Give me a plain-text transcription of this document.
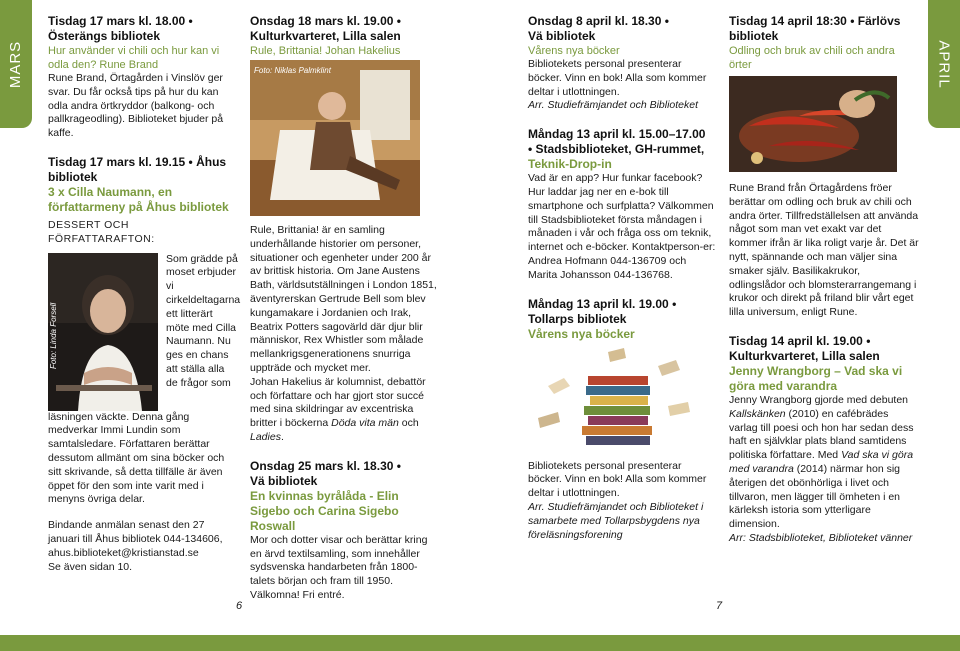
MARS	APRIL
Tisdag 17 mars kl. 18.00 •
Österängs bibliotek
Hur använder vi chili och hur kan vi odla den? Rune Brand
Rune Brand, Örtagården i Vinslöv ger svar. Du får också tips på hur du kan odla andra örtkryddor (balkong- och pallkrageodling). Biblioteket bjuder på kaffe.
Tisdag 17 mars kl. 19.15 • Åhus bibliotek
3 x Cilla Naumann, en författarmeny på Åhus bibliotek
DESSERT OCH FÖRFATTARAFTON:
Foto: Linda Forsell
Som grädde på moset erbjuder vi cirkeldeltagarna ett litterärt möte med Cilla Naumann. Nu ges en chans att ställa alla de frågor som
läsningen väckte. Denna gång medverkar Immi Lundin som samtalsledare. Författaren berättar dessutom allmänt om sina böcker och sitt skrivande, så detta tillfälle är även öppet för den som inte varit med i menyns övriga delar.
Bindande anmälan senast den 27 januari till Åhus bibliotek 044-134606, ahus.biblioteket@kristianstad.se
Se även sidan 10.
Onsdag 18 mars kl. 19.00 •
Kulturkvarteret, Lilla salen
Rule, Brittania! Johan Hakelius
Foto: Niklas Palmklint
Rule, Brittania! är en samling underhållande historier om personer, situationer och egenheter under 200 år av brittisk historia. Om Jane Austens Bath, världsutställningen i London 1851, äventyrerskan Gertrude Bell som blev kungamakare i Jordanien och Irak, Beatrix Potters sagovärld där djur blir människor, Rex Whistler som målade mellankrigsgenerationens snurriga uppträde och mycket mer.
Johan Hakelius är kolumnist, debattör och författare och har gjort stor succé med sina skildringar av excentriska britter i böckerna Döda vita män och Ladies.
Onsdag 25 mars kl. 18.30 •
Vä bibliotek
En kvinnas byrålåda - Elin Sigebo och Carina Sigebo Roswall
Mor och dotter visar och berättar kring en ärvd textilsamling, som innehåller sydsvenska handarbeten från 1800-talets början och fram till 1950. Välkomna! Fri entré.
6
Onsdag 8 april kl. 18.30 •
Vä bibliotek
Vårens nya böcker
Bibliotekets personal presenterar böcker. Vinn en bok! Alla som kommer deltar i utlottningen.
Arr. Studiefrämjandet och Biblioteket
Måndag 13 april kl. 15.00–17.00
• Stadsbiblioteket, GH-rummet,
Teknik-Drop-in
Vad är en app? Hur funkar facebook? Hur laddar jag ner en e-bok till smartphone och surfplatta? Välkommen till Stadsbiblioteket första måndagen i månaden i vår och fråga oss om teknik, internet och e-böcker. Kontaktperson-er: Andrea Hofmann 044-136709 och Marita Johansson 044-136768.
Måndag 13 april kl. 19.00 •
Tollarps bibliotek
Vårens nya böcker
Bibliotekets personal presenterar böcker. Vinn en bok! Alla som kommer deltar i utlottningen.
Arr. Studiefrämjandet och Biblioteket i samarbete med Tollarpsbygdens nya föreläsningsforening
Tisdag 14 april 18:30 • Färlövs
bibliotek
Odling och bruk av chili och andra örter
Rune Brand från Örtagårdens fröer berättar om odling och bruk av chili och andra örter. Tillfredställelsen att använda något som man vet exakt var det kommer ifrån är lika roligt varje år. Det är nytt, spännande och man väljer sina smaker själv. Basilikakrukor, odlingslådor och blomsterarrangemang i krukor och direkt på friland blir vårt eget lilla universum, enligt Rune.
Tisdag 14 april kl. 19.00 •
Kulturkvarteret, Lilla salen
Jenny Wrangborg – Vad ska vi göra med varandra
Jenny Wrangborg gjorde med debuten Kallskänken (2010) en cafébrädes varlag till poesi och hon har sedan dess haft en självklar plats bland samtidens politiska författare. Med Vad ska vi göra med varandra (2014) närmar hon sig återigen det obönhörliga i livet och tillvaron, men lägger till ömheten i en kärleksh istoria som ytterligare dimension.
Arr: Stadsbiblioteket, Biblioteket vänner
7
